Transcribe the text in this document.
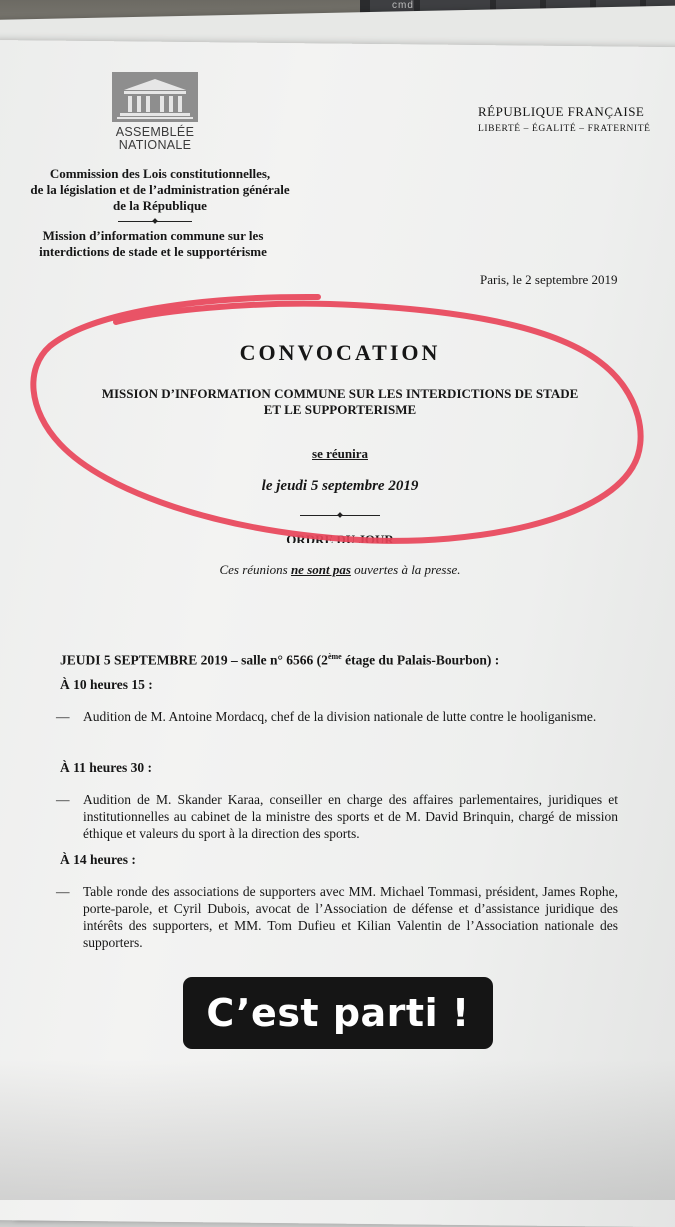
cmd
ASSEMBLÉE
NATIONALE
Commission des Lois constitutionnelles,
de la législation et de l’administration générale
de la République
Mission d’information commune sur les
interdictions de stade et le supportérisme
RÉPUBLIQUE FRANÇAISE
LIBERTÉ – ÉGALITÉ – FRATERNITÉ
Paris, le 2 septembre 2019
CONVOCATION
MISSION D’INFORMATION COMMUNE SUR LES INTERDICTIONS DE STADE
ET LE SUPPORTERISME
se réunira
le jeudi 5 septembre 2019
ORDRE DU JOUR
Ces réunions ne sont pas ouvertes à la presse.
JEUDI 5 SEPTEMBRE 2019 – salle n° 6566 (2ème étage du Palais-Bourbon) :
À 10 heures 15 :
—	Audition de M. Antoine Mordacq, chef de la division nationale de lutte contre le hooliganisme.
À 11 heures 30 :
—	Audition de M. Skander Karaa, conseiller en charge des affaires parlementaires, juridiques et institutionnelles au cabinet de la ministre des sports et de M. David Brinquin, chargé de mission éthique et valeurs du sport à la direction des sports.
À 14 heures :
—	Table ronde des associations de supporters avec MM. Michael Tommasi, président, James Rophe, porte-parole, et Cyril Dubois, avocat de l’Association de défense et d’assistance juridique des intérêts des supporters, et MM. Tom Dufieu et Kilian Valentin de l’Association nationale des supporters.
C’est parti !
